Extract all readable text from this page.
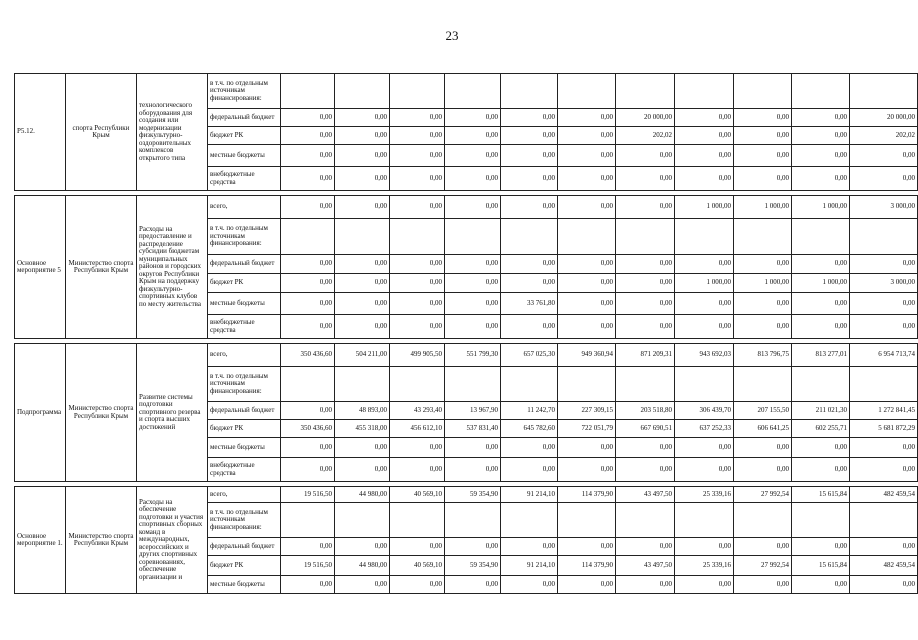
23
Р5.12.	спорта Республики Крым	технологического оборудования для создания или модернизации физкультурно-оздоровительных комплексов открытого типа	в т.ч. по отдельным источникам финансирования:											
			федеральный бюджет	0,00	0,00	0,00	0,00	0,00	0,00	20 000,00	0,00	0,00	0,00	20 000,00
			бюджет РК	0,00	0,00	0,00	0,00	0,00	0,00	202,02	0,00	0,00	0,00	202,02
			местные бюджеты	0,00	0,00	0,00	0,00	0,00	0,00	0,00	0,00	0,00	0,00	0,00
			внебюджетные средства	0,00	0,00	0,00	0,00	0,00	0,00	0,00	0,00	0,00	0,00	0,00

Основное мероприятие 5	Министерство спорта Республики Крым	Расходы на предоставление и распределение субсидии бюджетам муниципальных районов и городских округов Республики Крым на поддержку физкультурно-спортивных клубов по месту жительства	всего,	0,00	0,00	0,00	0,00	0,00	0,00	0,00	1 000,00	1 000,00	1 000,00	3 000,00
			в т.ч. по отдельным источникам финансирования:											
			федеральный бюджет	0,00	0,00	0,00	0,00	0,00	0,00	0,00	0,00	0,00	0,00	0,00
			бюджет РК	0,00	0,00	0,00	0,00	0,00	0,00	0,00	1 000,00	1 000,00	1 000,00	3 000,00
			местные бюджеты	0,00	0,00	0,00	0,00	33 761,80	0,00	0,00	0,00	0,00	0,00	0,00
			внебюджетные средства	0,00	0,00	0,00	0,00	0,00	0,00	0,00	0,00	0,00	0,00	0,00

Подпрограмма	Министерство спорта Республики Крым	Развитие системы подготовки спортивного резерва и спорта высших достижений	всего,	350 436,60	504 211,00	499 905,50	551 799,30	657 025,30	949 360,94	871 209,31	943 692,03	813 796,75	813 277,01	6 954 713,74
			в т.ч. по отдельным источникам финансирования:											
			федеральный бюджет	0,00	48 893,00	43 293,40	13 967,90	11 242,70	227 309,15	203 518,80	306 439,70	207 155,50	211 021,30	1 272 841,45
			бюджет РК	350 436,60	455 318,00	456 612,10	537 831,40	645 782,60	722 051,79	667 690,51	637 252,33	606 641,25	602 255,71	5 681 872,29
			местные бюджеты	0,00	0,00	0,00	0,00	0,00	0,00	0,00	0,00	0,00	0,00	0,00
			внебюджетные средства	0,00	0,00	0,00	0,00	0,00	0,00	0,00	0,00	0,00	0,00	0,00

Основное мероприятие 1.	Министерство спорта Республики Крым	Расходы на обеспечение подготовки и участия спортивных сборных команд в международных, всероссийских и других спортивных соревнованиях, обеспечение организации и	всего,	19 516,50	44 980,00	40 569,10	59 354,90	91 214,10	114 379,90	43 497,50	25 339,16	27 992,54	15 615,84	482 459,54
			в т.ч. по отдельным источникам финансирования:											
			федеральный бюджет	0,00	0,00	0,00	0,00	0,00	0,00	0,00	0,00	0,00	0,00	0,00
			бюджет РК	19 516,50	44 980,00	40 569,10	59 354,90	91 214,10	114 379,90	43 497,50	25 339,16	27 992,54	15 615,84	482 459,54
			местные бюджеты	0,00	0,00	0,00	0,00	0,00	0,00	0,00	0,00	0,00	0,00	0,00
